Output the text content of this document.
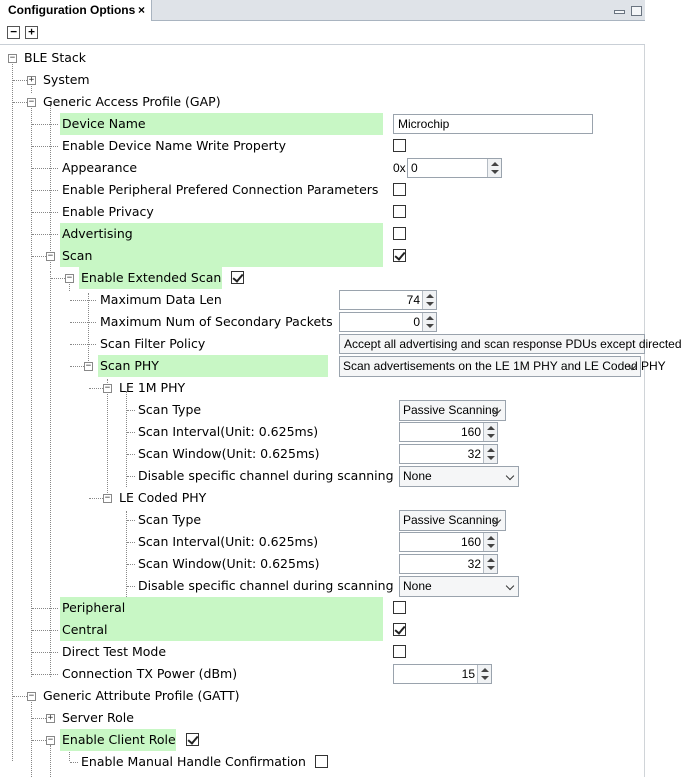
Configuration Options ×
− +
− BLE Stack
+ System
− Generic Access Profile (GAP)
Device Name	Microchip
Enable Device Name Write Property
Appearance	0x 0
Enable Peripheral Prefered Connection Parameters
Enable Privacy
Advertising
− Scan
− Enable Extended Scan
Maximum Data Len	74
Maximum Num of Secondary Packets	0
Scan Filter Policy	Accept all advertising and scan response PDUs except directed
− Scan PHY	Scan advertisements on the LE 1M PHY and LE Coded PHY
− LE 1M PHY
Scan Type	Passive Scanning
Scan Interval(Unit: 0.625ms)	160
Scan Window(Unit: 0.625ms)	32
Disable specific channel during scanning None
− LE Coded PHY
Scan Type	Passive Scanning
Scan Interval(Unit: 0.625ms)	160
Scan Window(Unit: 0.625ms)	32
Disable specific channel during scanning None
Peripheral
Central
Direct Test Mode
Connection TX Power (dBm)	15
− Generic Attribute Profile (GATT)
+ Server Role
− Enable Client Role
Enable Manual Handle Confirmation
